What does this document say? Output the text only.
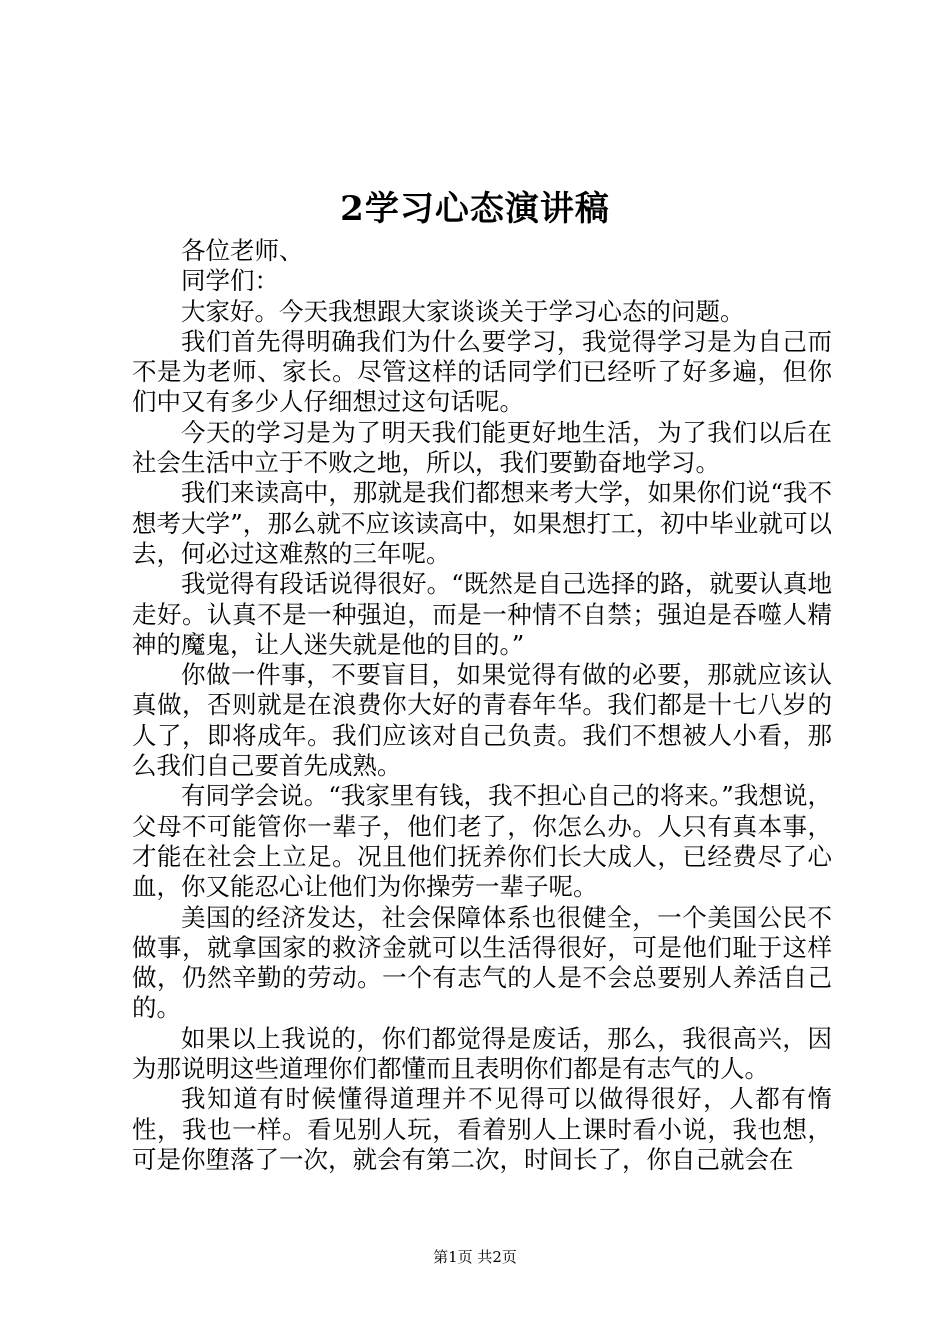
2学习心态演讲稿

各位老师、

同学们：

大家好。今天我想跟大家谈谈关于学习心态的问题。

我们首先得明确我们为什么要学习，我觉得学习是为自己而不是为老师、家长。尽管这样的话同学们已经听了好多遍，但你们中又有多少人仔细想过这句话呢。

今天的学习是为了明天我们能更好地生活，为了我们以后在社会生活中立于不败之地，所以，我们要勤奋地学习。

我们来读高中，那就是我们都想来考大学，如果你们说“我不想考大学”，那么就不应该读高中，如果想打工，初中毕业就可以去，何必过这难熬的三年呢。

我觉得有段话说得很好。“既然是自己选择的路，就要认真地走好。认真不是一种强迫，而是一种情不自禁；强迫是吞噬人精神的魔鬼，让人迷失就是他的目的。”

你做一件事，不要盲目，如果觉得有做的必要，那就应该认真做，否则就是在浪费你大好的青春年华。我们都是十七八岁的人了，即将成年。我们应该对自己负责。我们不想被人小看，那么我们自己要首先成熟。

有同学会说。“我家里有钱，我不担心自己的将来。”我想说，父母不可能管你一辈子，他们老了，你怎么办。人只有真本事，才能在社会上立足。况且他们抚养你们长大成人，已经费尽了心血，你又能忍心让他们为你操劳一辈子呢。

美国的经济发达，社会保障体系也很健全，一个美国公民不做事，就拿国家的救济金就可以生活得很好，可是他们耻于这样做，仍然辛勤的劳动。一个有志气的人是不会总要别人养活自己的。

如果以上我说的，你们都觉得是废话，那么，我很高兴，因为那说明这些道理你们都懂而且表明你们都是有志气的人。

我知道有时候懂得道理并不见得可以做得很好，人都有惰性，我也一样。看见别人玩，看着别人上课时看小说，我也想，可是你堕落了一次，就会有第二次，时间长了，你自己就会在

第1页 共2页
